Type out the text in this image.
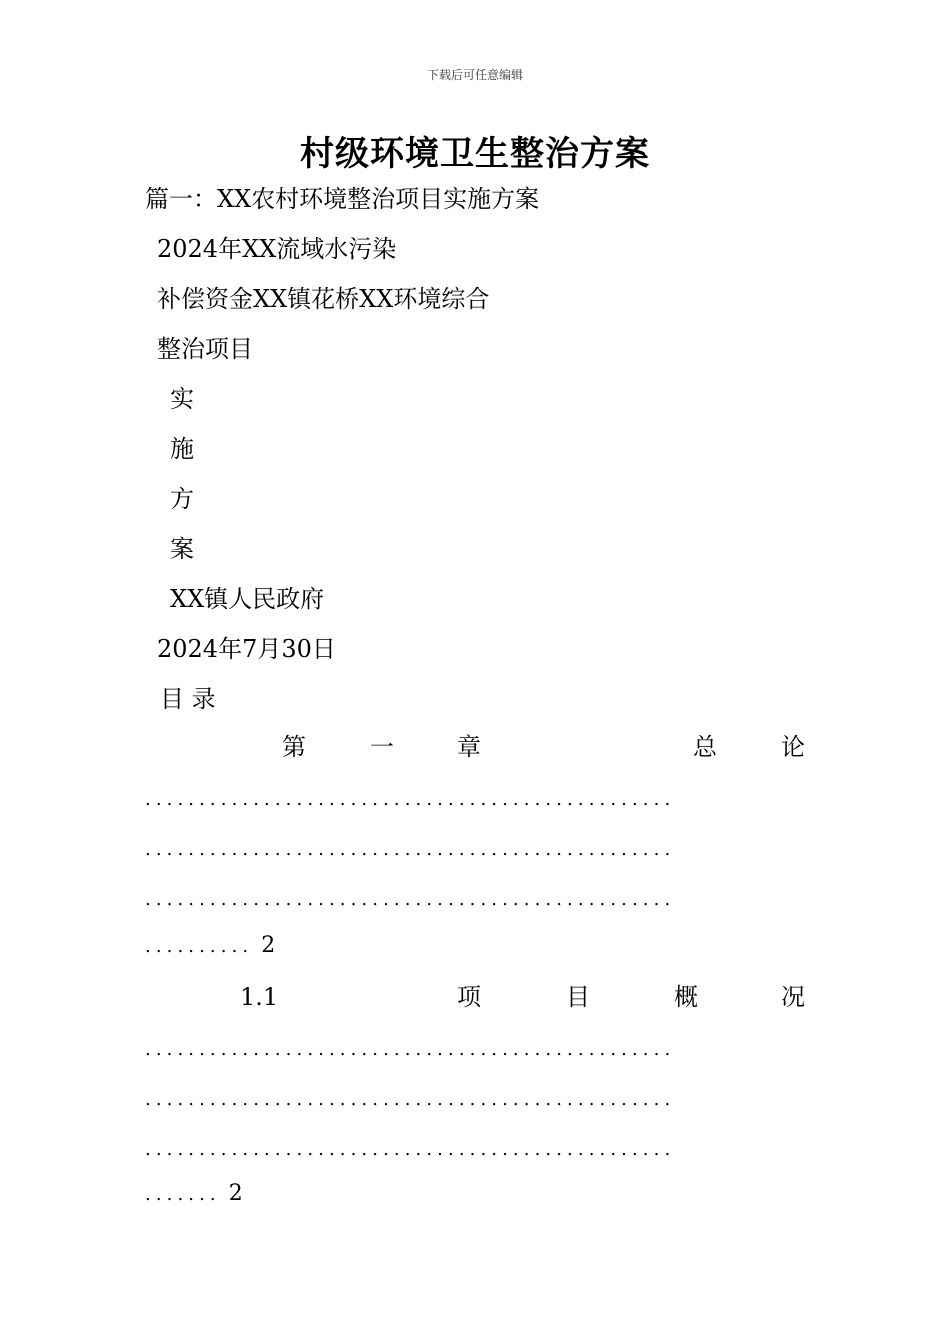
下载后可任意编辑
村级环境卫生整治方案
篇一：XX农村环境整治项目实施方案
2024年XX流域水污染
补偿资金XX镇花桥XX环境综合
整治项目
实
施
方
案
XX镇人民政府
2024年7月30日
目 录
第	一	章	总	论
.................................................
.................................................
.................................................
.......... 2
1.1	项	目	概	况
.................................................
.................................................
.................................................
....... 2
